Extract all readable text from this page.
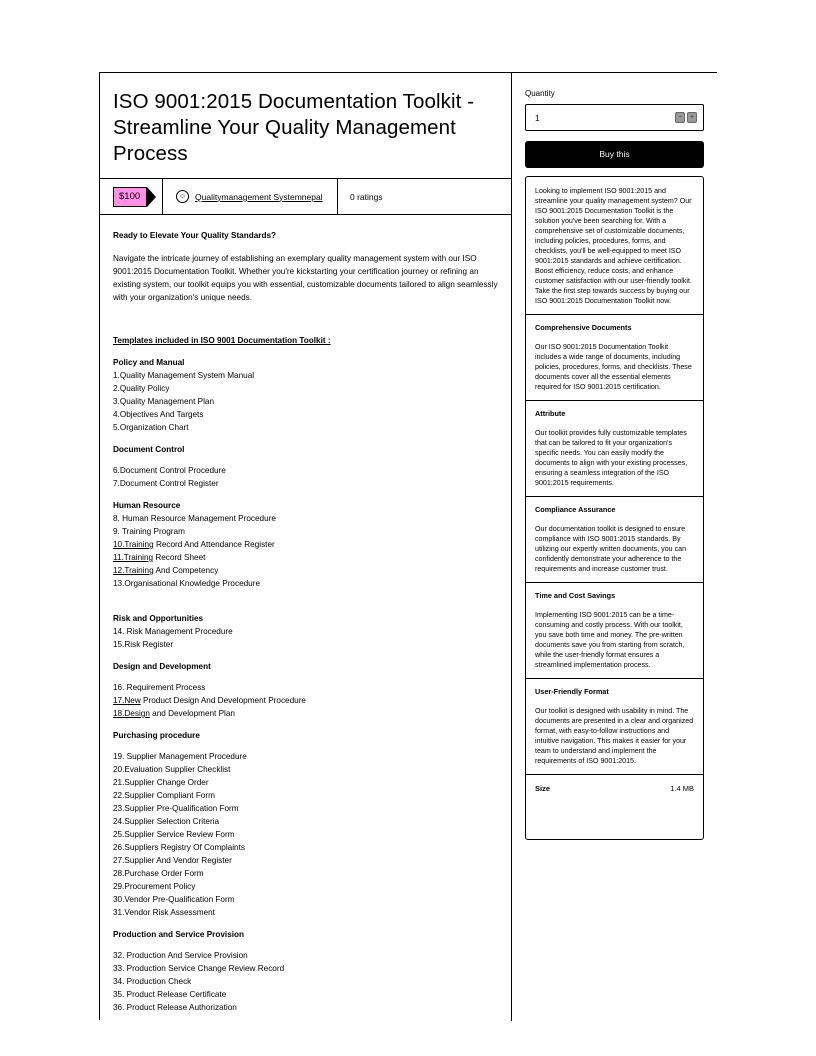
ISO 9001:2015 Documentation Toolkit - Streamline Your Quality Management Process
$100	☺	Qualitymanagement Systemnepal	0 ratings

Ready to Elevate Your Quality Standards?

Navigate the intricate journey of establishing an exemplary quality management system with our ISO 9001:2015 Documentation Toolkit. Whether you're kickstarting your certification journey or refining an existing system, our toolkit equips you with essential, customizable documents tailored to align seamlessly with your organization's unique needs.

Templates included in ISO 9001 Documentation Toolkit :

Policy and Manual

1.Quality Management System Manual

2.Quality Policy

3.Quality Management Plan

4.Objectives And Targets

5.Organization Chart

Document Control

6.Document Control Procedure

7.Document Control Register

Human Resource

8. Human Resource Management Procedure

9. Training Program

10.Training Record And Attendance Register

11.Training Record Sheet

12.Training And Competency

13.Organisational Knowledge Procedure

Risk and Opportunities

14. Risk Management Procedure

15.Risk Register

Design and Development

16. Requirement Process

17.New Product Design And Development Procedure

18.Design and Development Plan

Purchasing procedure

19. Supplier Management Procedure

20.Evaluation Supplier Checklist

21.Supplier Change Order

22.Supplier Compliant Form

23.Supplier Pre-Qualification Form

24.Supplier Selection Criteria

25.Supplier Service Review Form

26.Suppliers Registry Of Complaints

27.Supplier And Vendor Register

28.Purchase Order Form

29.Procurement Policy

30.Vendor Pre-Qualification Form

31.Vendor Risk Assessment

Production and Service Provision

32. Production And Service Provision

33. Production Service Change Review Record

34. Production Check

35. Product Release Certificate

36. Product Release Authorization

Quantity
1	−	+
Buy this
Looking to implement ISO 9001:2015 and streamline your quality management system? Our ISO 9001:2015 Documentation Toolkit is the solution you've been searching for. With a comprehensive set of customizable documents, including policies, procedures, forms, and checklists, you'll be well-equipped to meet ISO 9001:2015 standards and achieve certification. Boost efficiency, reduce costs, and enhance customer satisfaction with our user-friendly toolkit. Take the first step towards success by buying our ISO 9001:2015 Documentation Toolkit now.
Comprehensive Documents
Our ISO 9001:2015 Documentation Toolkit includes a wide range of documents, including policies, procedures, forms, and checklists. These documents cover all the essential elements required for ISO 9001:2015 certification.
Attribute
Our toolkit provides fully customizable templates that can be tailored to fit your organization's specific needs. You can easily modify the documents to align with your existing processes, ensuring a seamless integration of the ISO 9001:2015 requirements.
Compliance Assurance
Our documentation toolkit is designed to ensure compliance with ISO 9001:2015 standards. By utilizing our expertly written documents, you can confidently demonstrate your adherence to the requirements and increase customer trust.
Time and Cost Savings
Implementing ISO 9001:2015 can be a time-consuming and costly process. With our toolkit, you save both time and money. The pre-written documents save you from starting from scratch, while the user-friendly format ensures a streamlined implementation process.
User-Friendly Format
Our toolkit is designed with usability in mind. The documents are presented in a clear and organized format, with easy-to-follow instructions and intuitive navigation. This makes it easier for your team to understand and implement the requirements of ISO 9001:2015.
Size	1.4 MB
